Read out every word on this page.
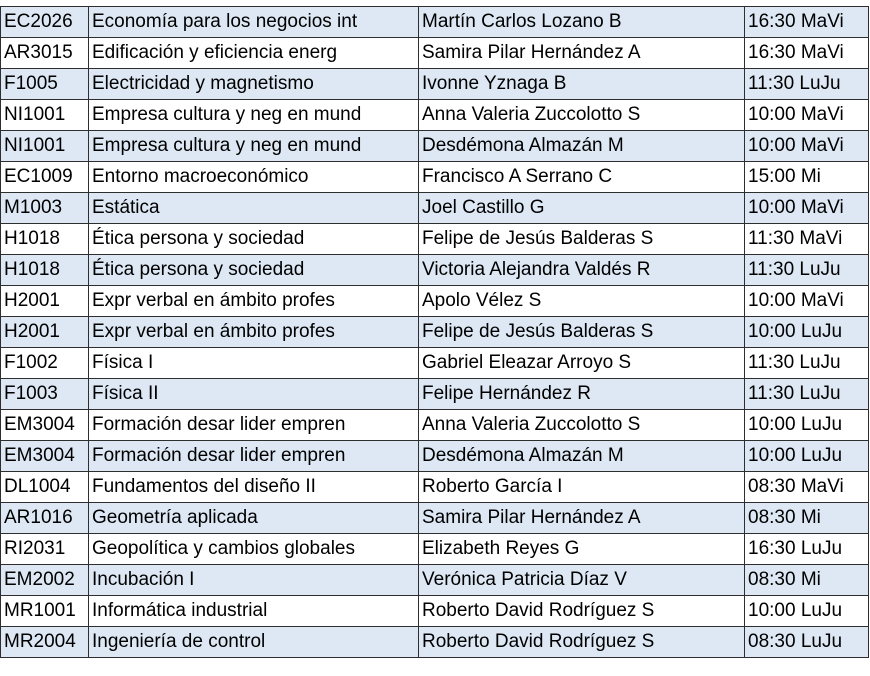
EC2026	Economía para los negocios int	Martín Carlos Lozano B	16:30 MaVi
AR3015	Edificación y eficiencia energ	Samira Pilar Hernández A	16:30 MaVi
F1005	Electricidad y magnetismo	Ivonne Yznaga B	11:30 LuJu
NI1001	Empresa cultura y neg en mund	Anna Valeria Zuccolotto S	10:00 MaVi
NI1001	Empresa cultura y neg en mund	Desdémona Almazán M	10:00 MaVi
EC1009	Entorno macroeconómico	Francisco A Serrano C	15:00 Mi
M1003	Estática	Joel Castillo G	10:00 MaVi
H1018	Ética persona y sociedad	Felipe de Jesús Balderas S	11:30 MaVi
H1018	Ética persona y sociedad	Victoria Alejandra Valdés R	11:30 LuJu
H2001	Expr verbal en ámbito profes	Apolo Vélez S	10:00 MaVi
H2001	Expr verbal en ámbito profes	Felipe de Jesús Balderas S	10:00 LuJu
F1002	Física I	Gabriel Eleazar Arroyo S	11:30 LuJu
F1003	Física II	Felipe Hernández R	11:30 LuJu
EM3004	Formación desar lider empren	Anna Valeria Zuccolotto S	10:00 LuJu
EM3004	Formación desar lider empren	Desdémona Almazán M	10:00 LuJu
DL1004	Fundamentos del diseño II	Roberto García I	08:30 MaVi
AR1016	Geometría aplicada	Samira Pilar Hernández A	08:30 Mi
RI2031	Geopolítica y cambios globales	Elizabeth Reyes G	16:30 LuJu
EM2002	Incubación I	Verónica Patricia Díaz V	08:30 Mi
MR1001	Informática industrial	Roberto David Rodríguez S	10:00 LuJu
MR2004	Ingeniería de control	Roberto David Rodríguez S	08:30 LuJu
